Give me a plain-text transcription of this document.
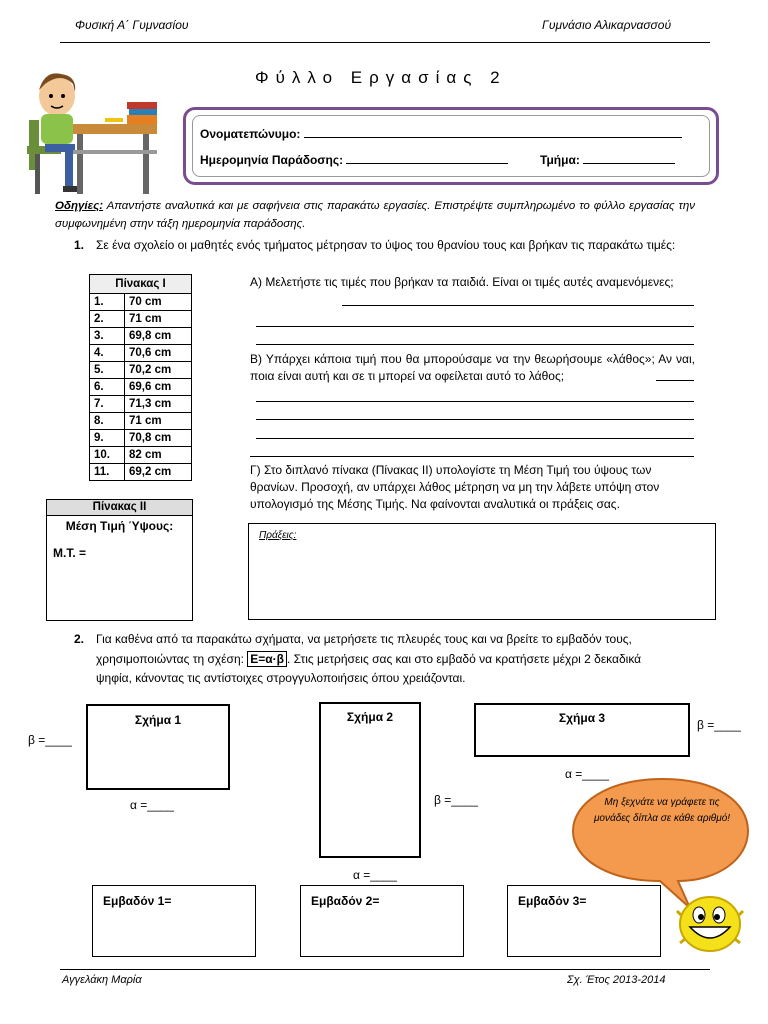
Φυσική Α΄ Γυμνασίου	Γυμνάσιο Αλικαρνασσού
Φύλλο Εργασίας 2
Ονοματεπώνυμο:
Ημερομηνία Παράδοσης:	Τμήμα:
Οδηγίες: Απαντήστε αναλυτικά και με σαφήνεια στις παρακάτω εργασίες. Επιστρέψτε συμπληρωμένο το φύλλο εργασίας την συμφωνημένη στην τάξη ημερομηνία παράδοσης.
1. Σε ένα σχολείο οι μαθητές ενός τμήματος μέτρησαν το ύψος του θρανίου τους και βρήκαν τις παρακάτω τιμές:
Πίνακας Ι	
1.	70 cm
2.	71 cm
3.	69,8 cm
4.	70,6 cm
5.	70,2 cm
6.	69,6 cm
7.	71,3 cm
8.	71 cm
9.	70,8 cm
10.	82 cm
11.	69,2 cm
Α) Μελετήστε τις τιμές που βρήκαν τα παιδιά. Είναι οι τιμές αυτές αναμενόμενες;
Β) Υπάρχει κάποια τιμή που θα μπορούσαμε να την θεωρήσουμε «λάθος»; Αν ναι, ποια είναι αυτή και σε τι μπορεί να οφείλεται αυτό το λάθος;
Γ) Στο διπλανό πίνακα (Πίνακας ΙΙ) υπολογίστε τη Μέση Τιμή του ύψους των θρανίων. Προσοχή, αν υπάρχει λάθος μέτρηση να μη την λάβετε υπόψη στον υπολογισμό της Μέσης Τιμής. Να φαίνονται αναλυτικά οι πράξεις σας.
Πίνακας ΙΙ
Μέση Τιμή Ύψους:
Μ.Τ. =
Πράξεις:
2. Για καθένα από τα παρακάτω σχήματα, να μετρήσετε τις πλευρές τους και να βρείτε το εμβαδόν τους,
χρησιμοποιώντας τη σχέση: Ε=α·β . Στις μετρήσεις σας και στο εμβαδό να κρατήσετε μέχρι 2 δεκαδικά
ψηφία, κάνοντας τις αντίστοιχες στρογγυλοποιήσεις όπου χρειάζονται.
Σχήμα 1
β =____
α =____
Σχήμα 2
β =____
α =____
Σχήμα 3	β =____
α =____
Μη ξεχνάτε να γράφετε τις μονάδες δίπλα σε κάθε αριθμό!
Εμβαδόν 1=	Εμβαδόν 2=	Εμβαδόν 3=
Αγγελάκη Μαρία	Σχ. Έτος 2013-2014
